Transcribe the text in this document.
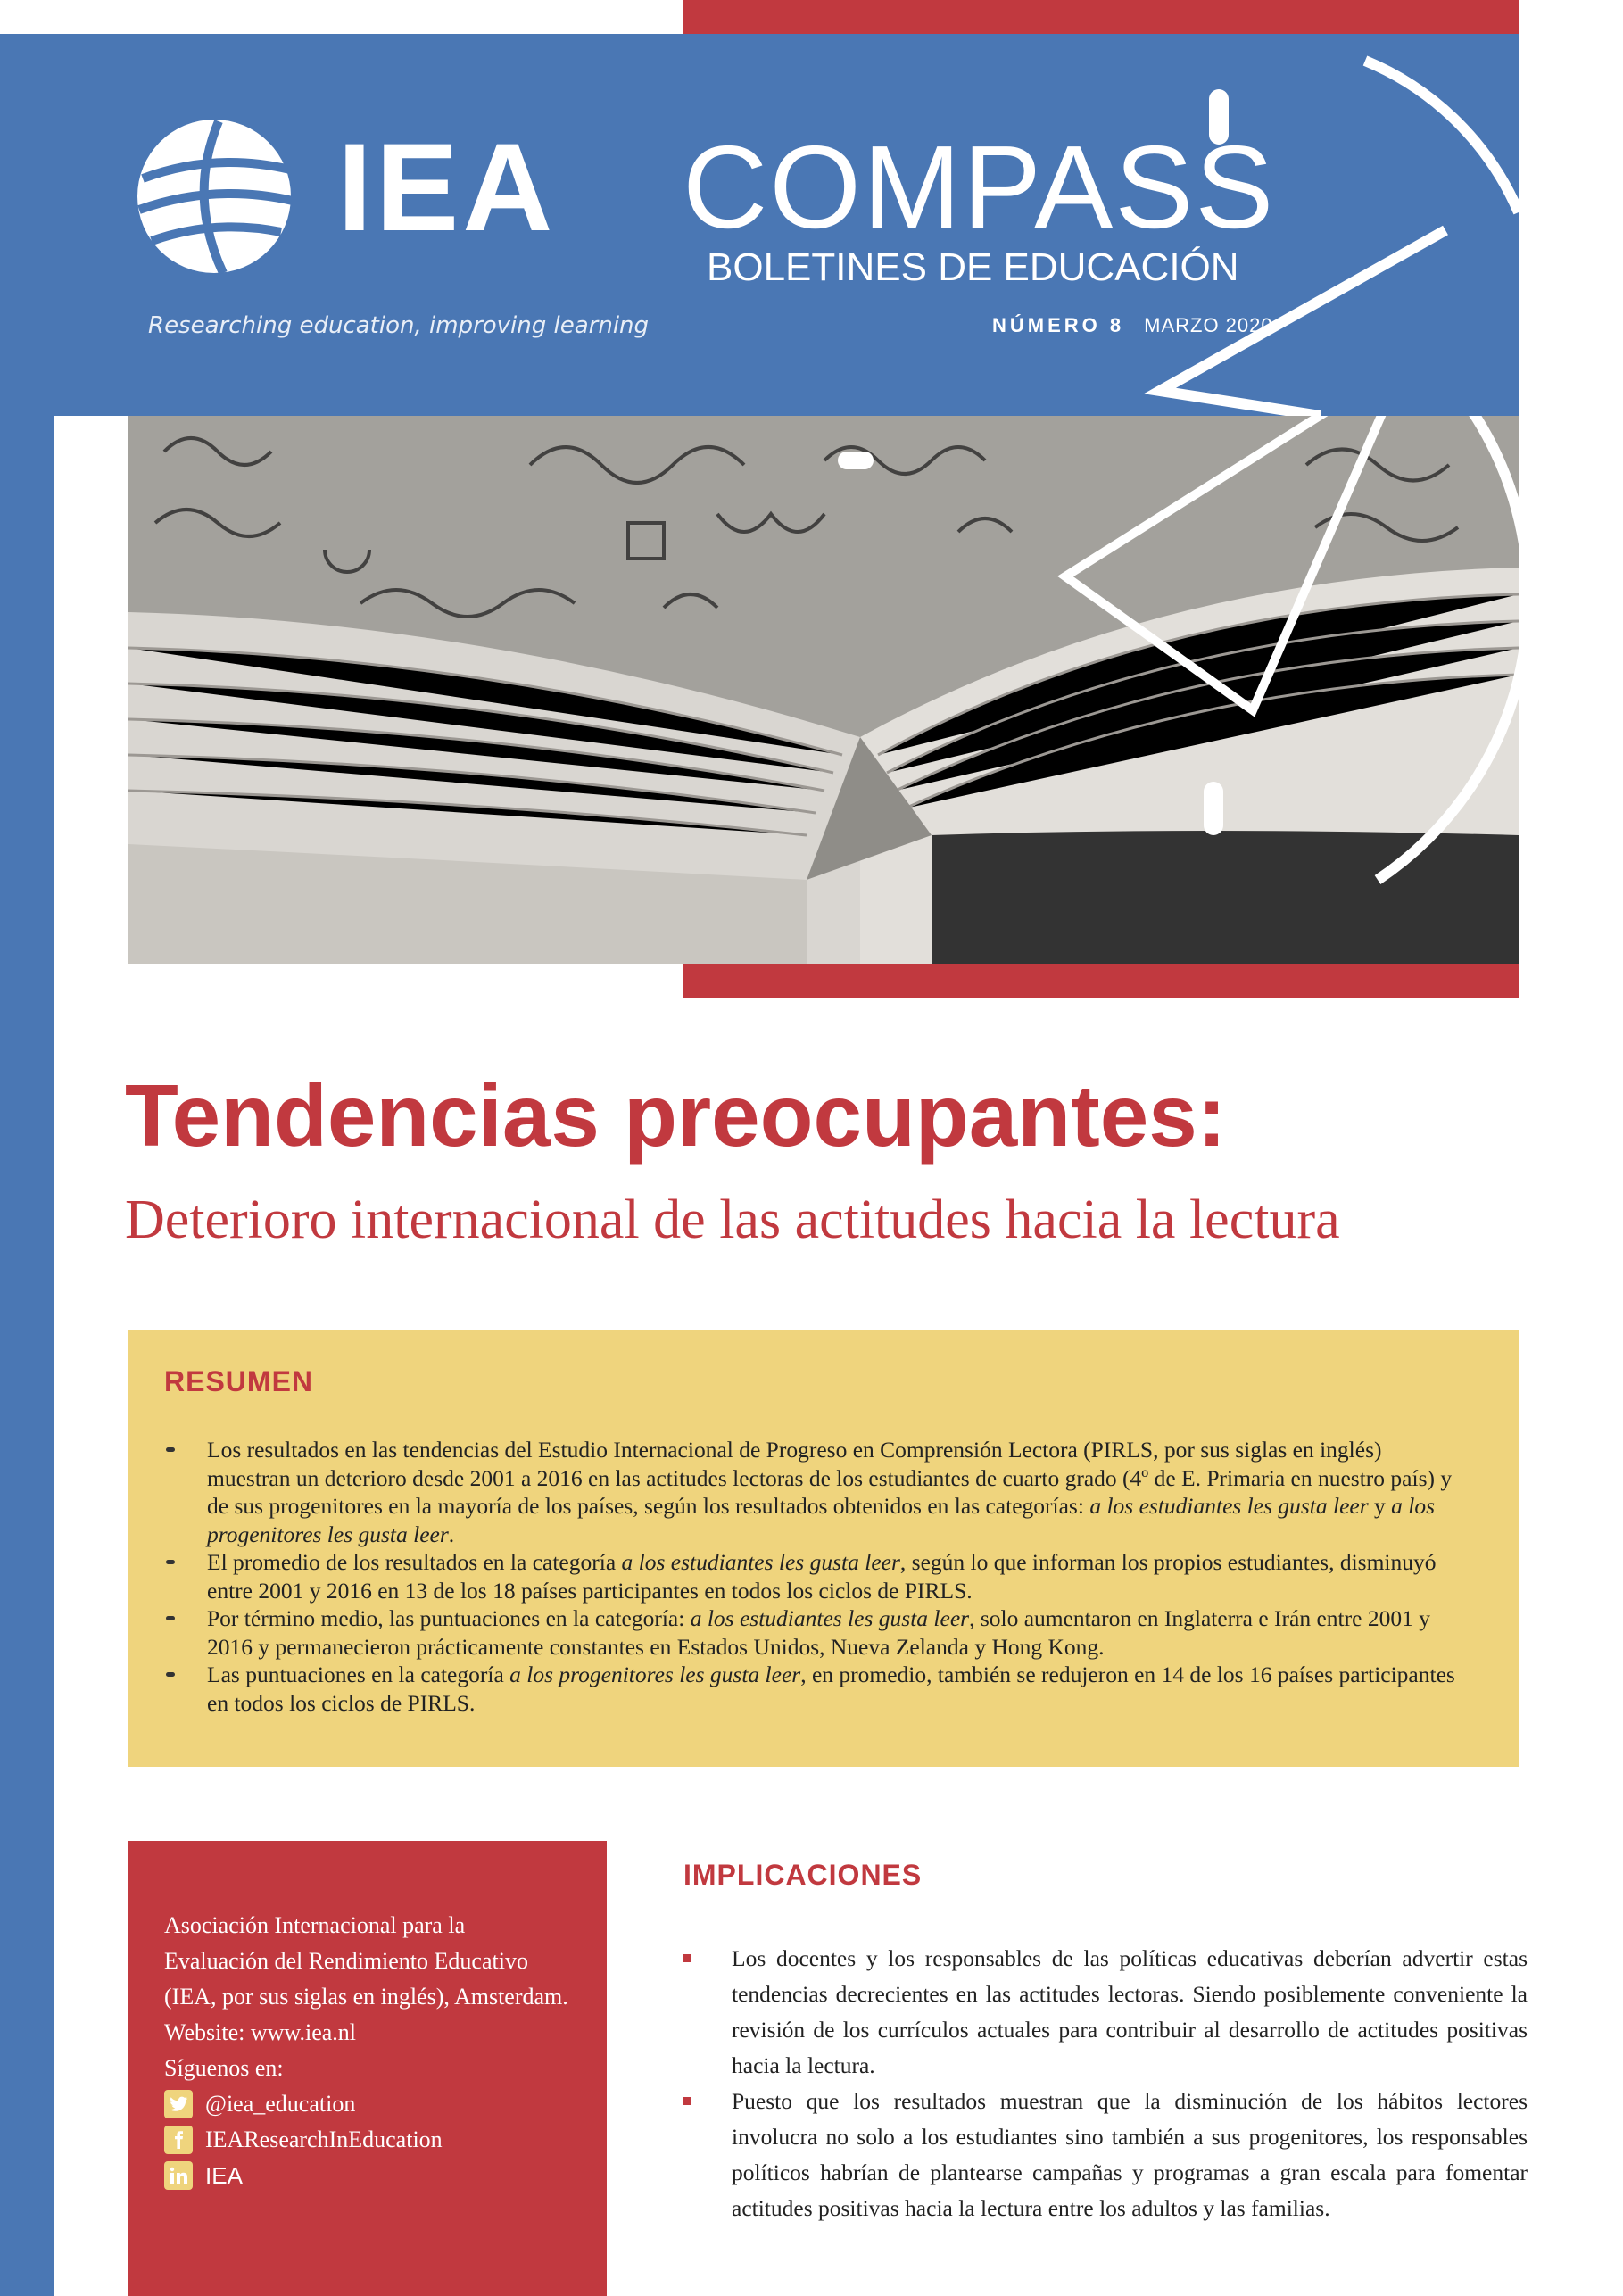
IEA
Researching education, improving learning
COMPASS
BOLETINES DE EDUCACIÓN
NÚMERO 8 MARZO 2020
Tendencias preocupantes:
Deterioro internacional de las actitudes hacia la lectura
RESUMEN
Los resultados en las tendencias del Estudio Internacional de Progreso en Comprensión Lectora (PIRLS, por sus siglas en inglés) muestran un deterioro desde 2001 a 2016 en las actitudes lectoras de los estudiantes de cuarto grado (4º de E. Primaria en nuestro país) y de sus progenitores en la mayoría de los países, según los resultados obtenidos en las categorías: a los estudiantes les gusta leer y a los progenitores les gusta leer.
El promedio de los resultados en la categoría a los estudiantes les gusta leer, según lo que informan los propios estudiantes, disminuyó entre 2001 y 2016 en 13 de los 18 países participantes en todos los ciclos de PIRLS.
Por término medio, las puntuaciones en la categoría: a los estudiantes les gusta leer, solo aumentaron en Inglaterra e Irán entre 2001 y 2016 y permanecieron prácticamente constantes en Estados Unidos, Nueva Zelanda y Hong Kong.
Las puntuaciones en la categoría a los progenitores les gusta leer, en promedio, también se redujeron en 14 de los 16 países participantes en todos los ciclos de PIRLS.

Asociación Internacional para la Evaluación del Rendimiento Educativo (IEA, por sus siglas en inglés), Amsterdam. Website: www.iea.nl

Síguenos en:

@iea_education
IEAResearchInEducation
IEA
IMPLICACIONES
Los docentes y los responsables de las políticas educativas deberían advertir estas tendencias decrecientes en las actitudes lectoras. Siendo posiblemente conveniente la revisión de los currículos actuales para contribuir al desarrollo de actitudes positivas hacia la lectura.
Puesto que los resultados muestran que la disminución de los hábitos lectores involucra no solo a los estudiantes sino también a sus progenitores, los responsables políticos habrían de plantearse campañas y programas a gran escala para fomentar actitudes positivas hacia la lectura entre los adultos y las familias.
